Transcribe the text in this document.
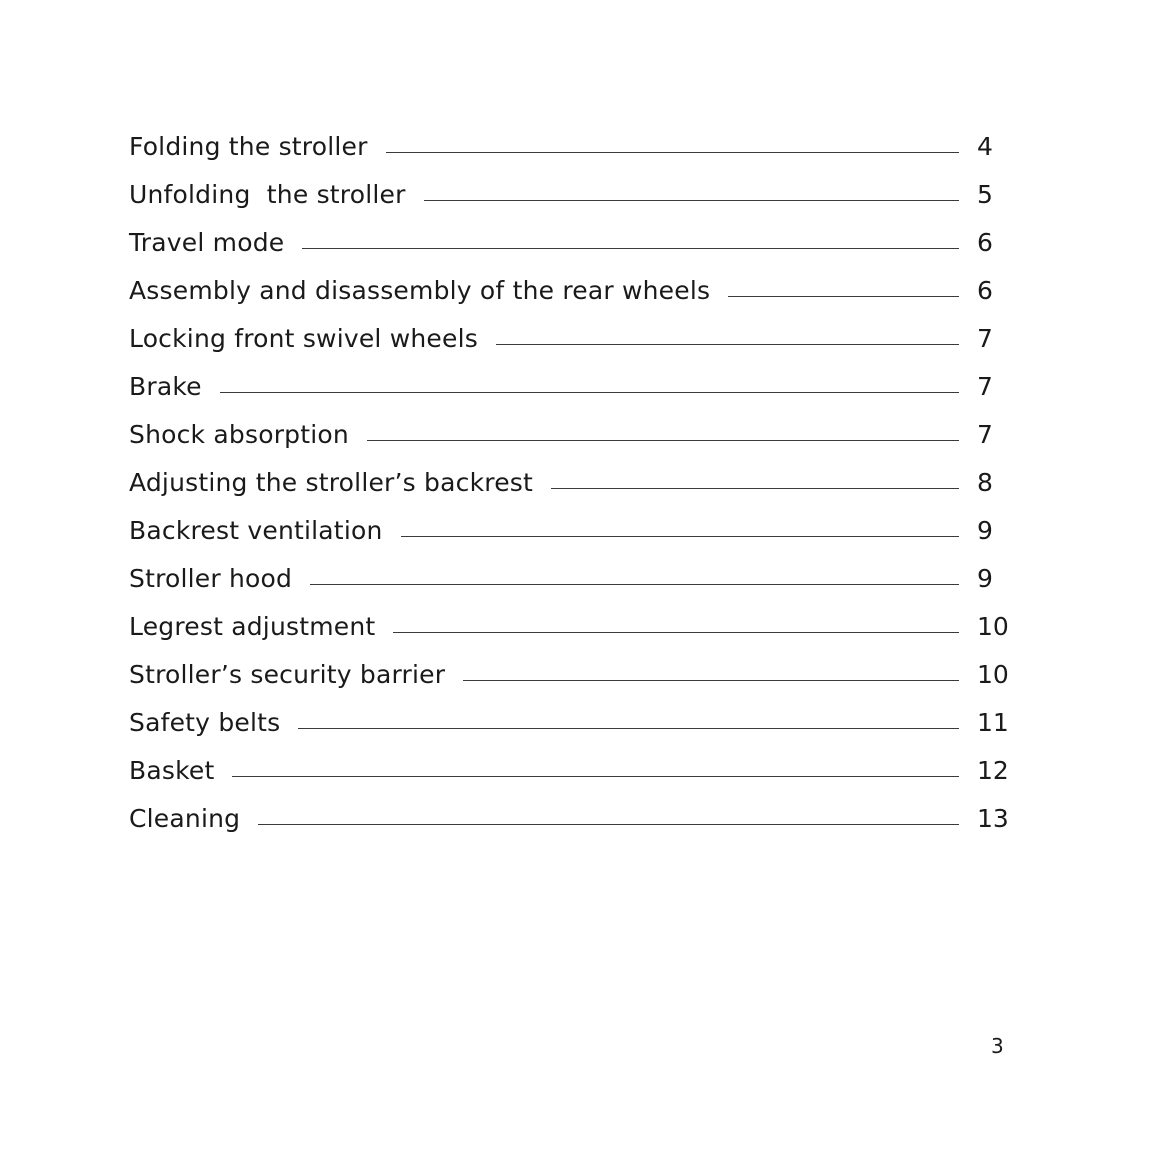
Folding the stroller	4
Unfolding  the stroller	5
Travel mode	6
Assembly and disassembly of the rear wheels	6
Locking front swivel wheels	7
Brake	7
Shock absorption	7
Adjusting the stroller’s backrest	8
Backrest ventilation	9
Stroller hood	9
Legrest adjustment	10
Stroller’s security barrier	10
Safety belts	11
Basket	12
Cleaning	13
3
